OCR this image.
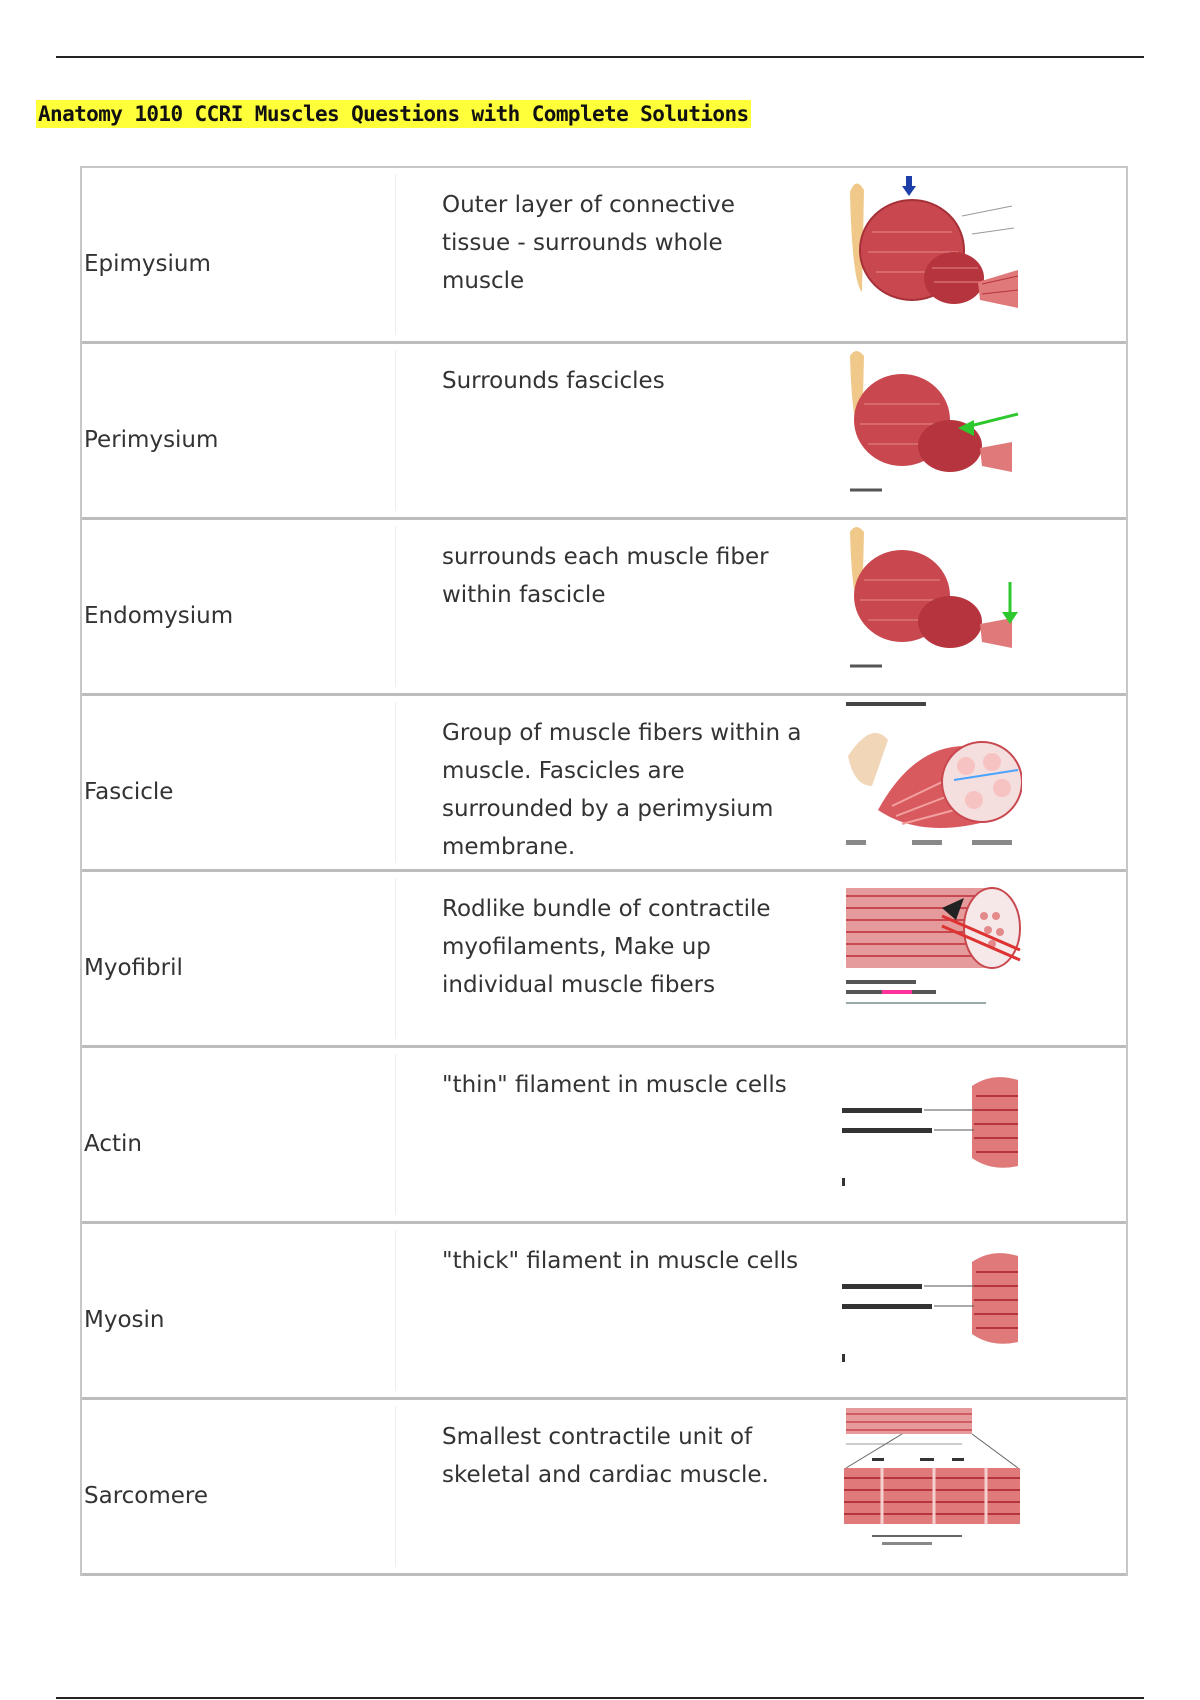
Anatomy 1010 CCRI Muscles Questions with Complete Solutions
Epimysium
Outer layer of connective tissue - surrounds whole muscle
Perimysium
Surrounds fascicles
Endomysium
surrounds each muscle fiber within fascicle
Fascicle
Group of muscle fibers within a muscle. Fascicles are surrounded by a perimysium membrane.
Myofibril
Rodlike bundle of contractile myofilaments, Make up individual muscle fibers
Actin
"thin" filament in muscle cells
Myosin
"thick" filament in muscle cells
Sarcomere
Smallest contractile unit of skeletal and cardiac muscle.
